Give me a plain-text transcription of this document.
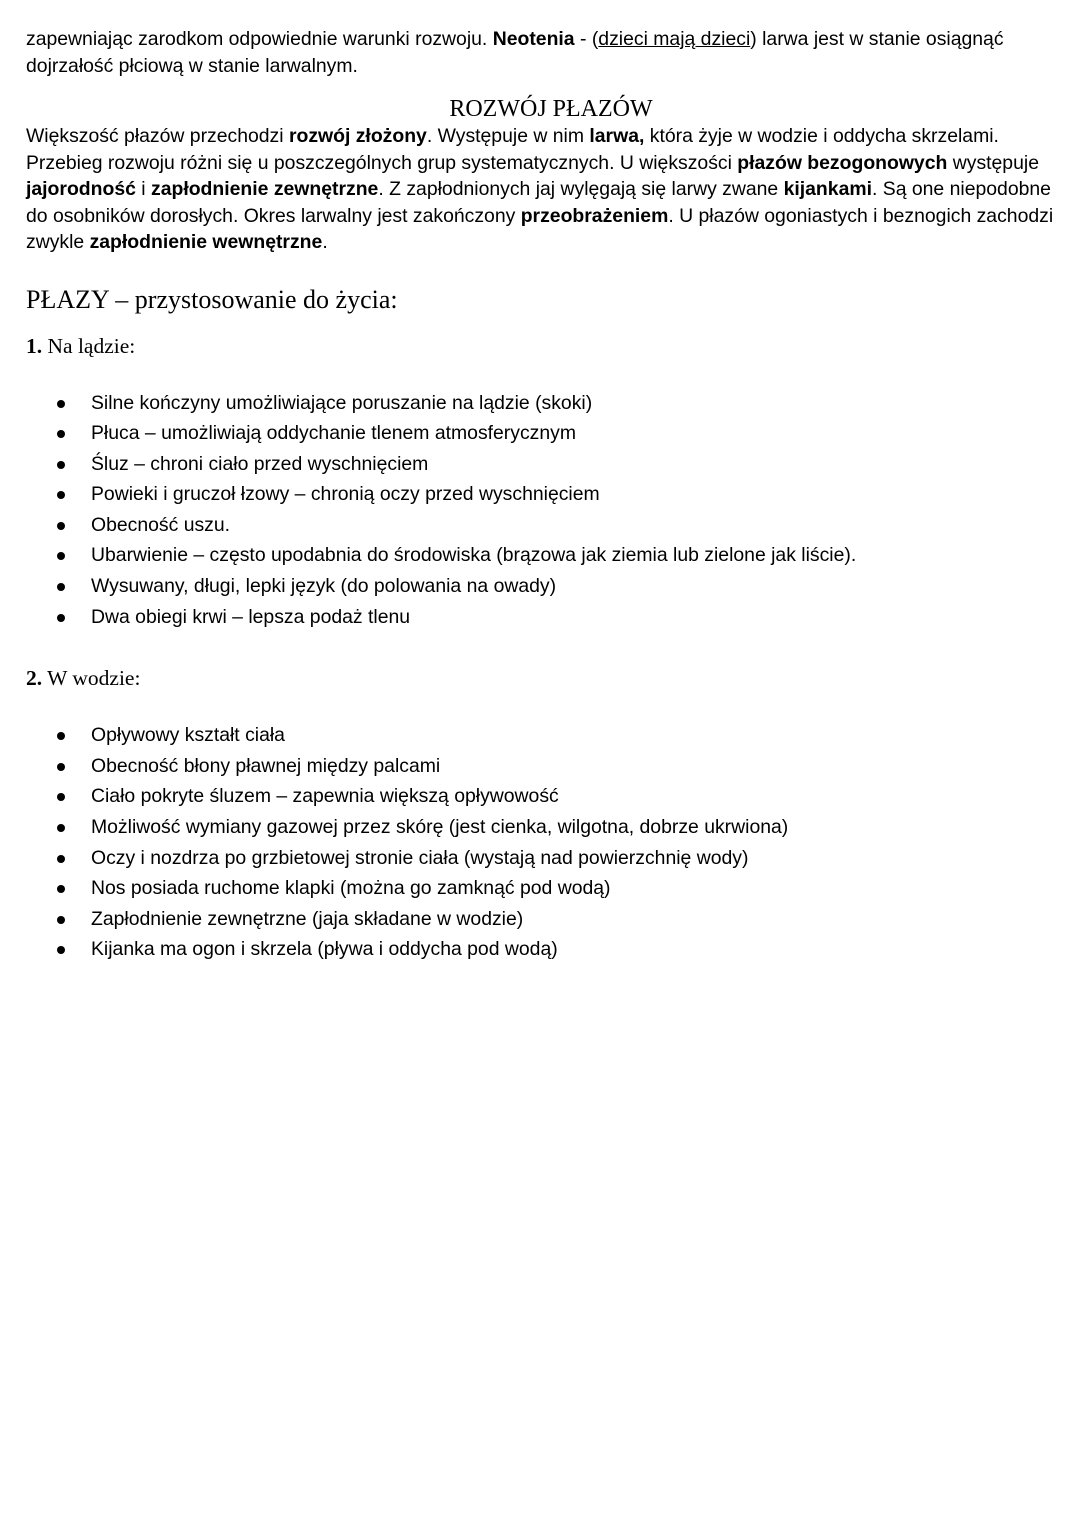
zapewniając zarodkom odpowiednie warunki rozwoju. Neotenia - (dzieci mają dzieci) larwa jest w stanie osiągnąć dojrzałość płciową w stanie larwalnym.

ROZWÓJ PŁAZÓW

Większość płazów przechodzi rozwój złożony. Występuje w nim larwa, która żyje w wodzie i oddycha skrzelami. Przebieg rozwoju różni się u poszczególnych grup systematycznych. U większości płazów bezogonowych występuje jajorodność i zapłodnienie zewnętrzne. Z zapłodnionych jaj wylęgają się larwy zwane kijankami. Są one niepodobne do osobników dorosłych. Okres larwalny jest zakończony przeobrażeniem. U płazów ogoniastych i beznogich zachodzi zwykle zapłodnienie wewnętrzne.

PŁAZY – przystosowanie do życia:
1. Na lądzie:
Silne kończyny umożliwiające poruszanie na lądzie (skoki)
Płuca – umożliwiają oddychanie tlenem atmosferycznym
Śluz – chroni ciało przed wyschnięciem
Powieki i gruczoł łzowy – chronią oczy przed wyschnięciem
Obecność uszu.
Ubarwienie – często upodabnia do środowiska (brązowa jak ziemia lub zielone jak liście).
Wysuwany, długi, lepki język (do polowania na owady)
Dwa obiegi krwi – lepsza podaż tlenu
2. W wodzie:
Opływowy kształt ciała
Obecność błony pławnej między palcami
Ciało pokryte śluzem – zapewnia większą opływowość
Możliwość wymiany gazowej przez skórę (jest cienka, wilgotna, dobrze ukrwiona)
Oczy i nozdrza po grzbietowej stronie ciała (wystają nad powierzchnię wody)
Nos posiada ruchome klapki (można go zamknąć pod wodą)
Zapłodnienie zewnętrzne (jaja składane w wodzie)
Kijanka ma ogon i skrzela (pływa i oddycha pod wodą)
